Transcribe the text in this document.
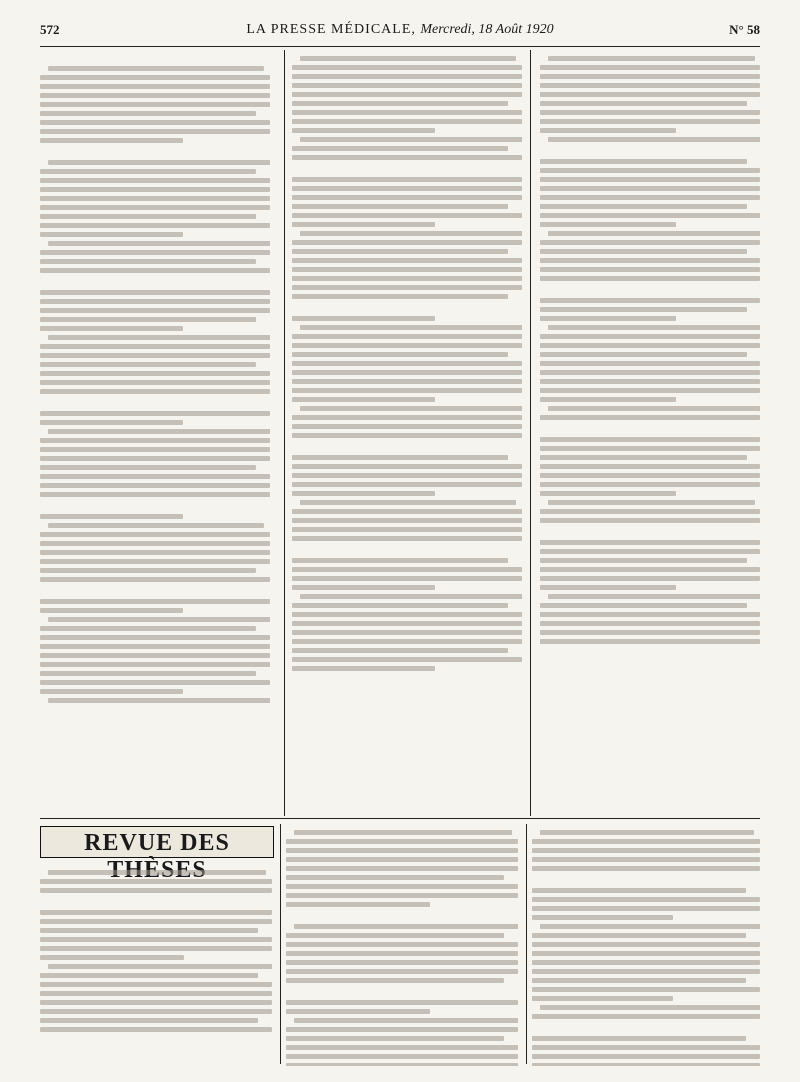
572	LA PRESSE MÉDICALE, Mercredi, 18 Août 1920	N° 58
REVUE DES
